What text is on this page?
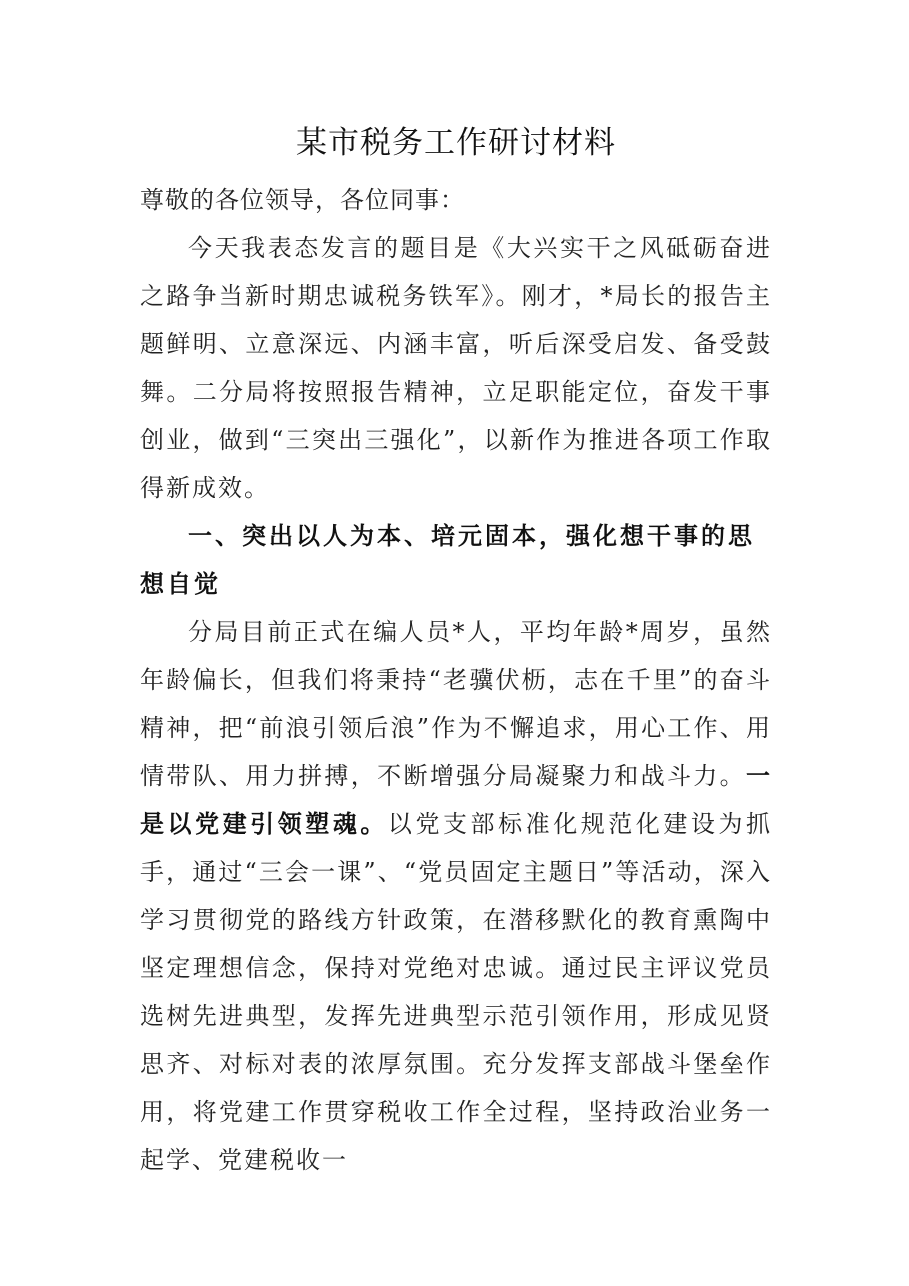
某市税务工作研讨材料

尊敬的各位领导，各位同事：

今天我表态发言的题目是《大兴实干之风砥砺奋进之路争当新时期忠诚税务铁军》。刚才，*局长的报告主题鲜明、立意深远、内涵丰富，听后深受启发、备受鼓舞。二分局将按照报告精神，立足职能定位，奋发干事创业，做到“三突出三强化”，以新作为推进各项工作取得新成效。

一、突出以人为本、培元固本，强化想干事的思想自觉

分局目前正式在编人员*人，平均年龄*周岁，虽然年龄偏长，但我们将秉持“老骥伏枥，志在千里”的奋斗精神，把“前浪引领后浪”作为不懈追求，用心工作、用情带队、用力拼搏，不断增强分局凝聚力和战斗力。一是以党建引领塑魂。以党支部标准化规范化建设为抓手，通过“三会一课”、“党员固定主题日”等活动，深入学习贯彻党的路线方针政策，在潜移默化的教育熏陶中坚定理想信念，保持对党绝对忠诚。通过民主评议党员选树先进典型，发挥先进典型示范引领作用，形成见贤思齐、对标对表的浓厚氛围。充分发挥支部战斗堡垒作用，将党建工作贯穿税收工作全过程，坚持政治业务一起学、党建税收一
